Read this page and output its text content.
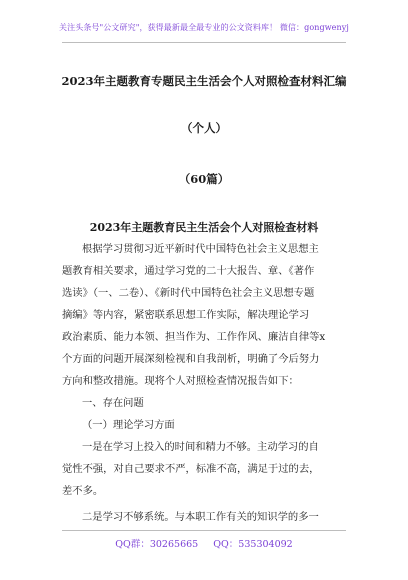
关注头条号"公文研究"，获得最新最全最专业的公文资料库！ 微信：gongwenyj
2023年主题教育专题民主生活会个人对照检查材料汇编
（个人）
（60篇）
2023年主题教育民主生活会个人对照检查材料
根据学习贯彻习近平新时代中国特色社会主义思想主
题教育相关要求，通过学习党的二十大报告、章、《著作
选读》（一、二卷）、《新时代中国特色社会主义思想专题
摘编》等内容，紧密联系思想工作实际，解决理论学习
政治素质、能力本领、担当作为、工作作风、廉洁自律等x
个方面的问题开展深刻检视和自我剖析，明确了今后努力
方向和整改措施。现将个人对照检查情况报告如下：
一、存在问题
（一）理论学习方面
一是在学习上投入的时间和精力不够。主动学习的自
觉性不强，对自己要求不严，标准不高，满足于过的去，
差不多。
二是学习不够系统。与本职工作有关的知识学的多一
QQ群：30265665 QQ：535304092
